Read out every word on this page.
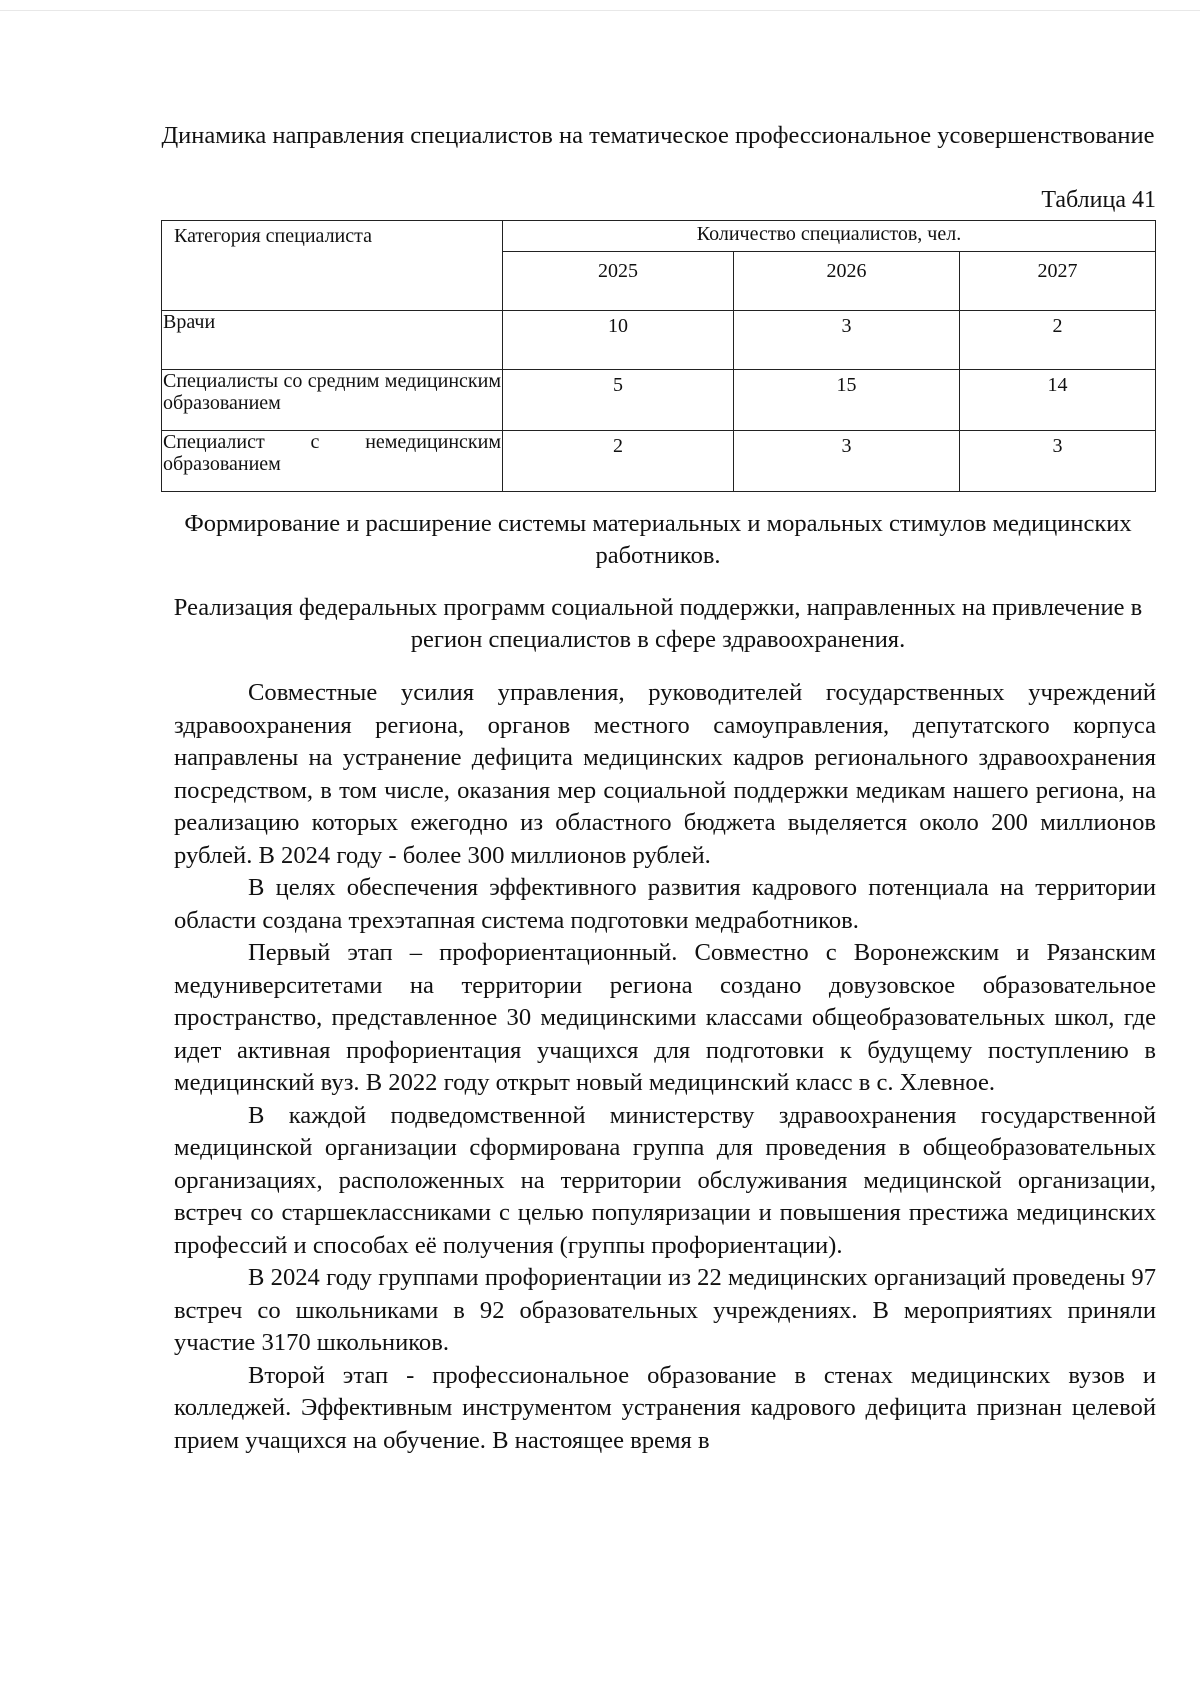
Динамика направления специалистов на тематическое профессиональное усовершенствование
Таблица 41
Категория специалиста	Количество специалистов, чел.		
	2025	2026	2027
Врачи	10	3	2
Специалисты со средним медицинским образованием	5	15	14
Специалист с немедицинским образованием	2	3	3
Формирование и расширение системы материальных и моральных стимулов медицинских работников.
Реализация федеральных программ социальной поддержки, направленных на привлечение в регион специалистов в сфере здравоохранения.

Совместные усилия управления, руководителей государственных учреждений здравоохранения региона, органов местного самоуправления, депутатского корпуса направлены на устранение дефицита медицинских кадров регионального здравоохранения посредством, в том числе, оказания мер социальной поддержки медикам нашего региона, на реализацию которых ежегодно из областного бюджета выделяется около 200 миллионов рублей. В 2024 году - более 300 миллионов рублей.

В целях обеспечения эффективного развития кадрового потенциала на территории области создана трехэтапная система подготовки медработников.

Первый этап – профориентационный. Совместно с Воронежским и Рязанским медуниверситетами на территории региона создано довузовское образовательное пространство, представленное 30 медицинскими классами общеобразовательных школ, где идет активная профориентация учащихся для подготовки к будущему поступлению в медицинский вуз. В 2022 году открыт новый медицинский класс в с. Хлевное.

В каждой подведомственной министерству здравоохранения государственной медицинской организации сформирована группа для проведения в общеобразовательных организациях, расположенных на территории обслуживания медицинской организации, встреч со старшеклассниками с целью популяризации и повышения престижа медицинских профессий и способах её получения (группы профориентации).

В 2024 году группами профориентации из 22 медицинских организаций проведены 97 встреч со школьниками в 92 образовательных учреждениях. В мероприятиях приняли участие 3170 школьников.

Второй этап - профессиональное образование в стенах медицинских вузов и колледжей. Эффективным инструментом устранения кадрового дефицита признан целевой прием учащихся на обучение. В настоящее время в
